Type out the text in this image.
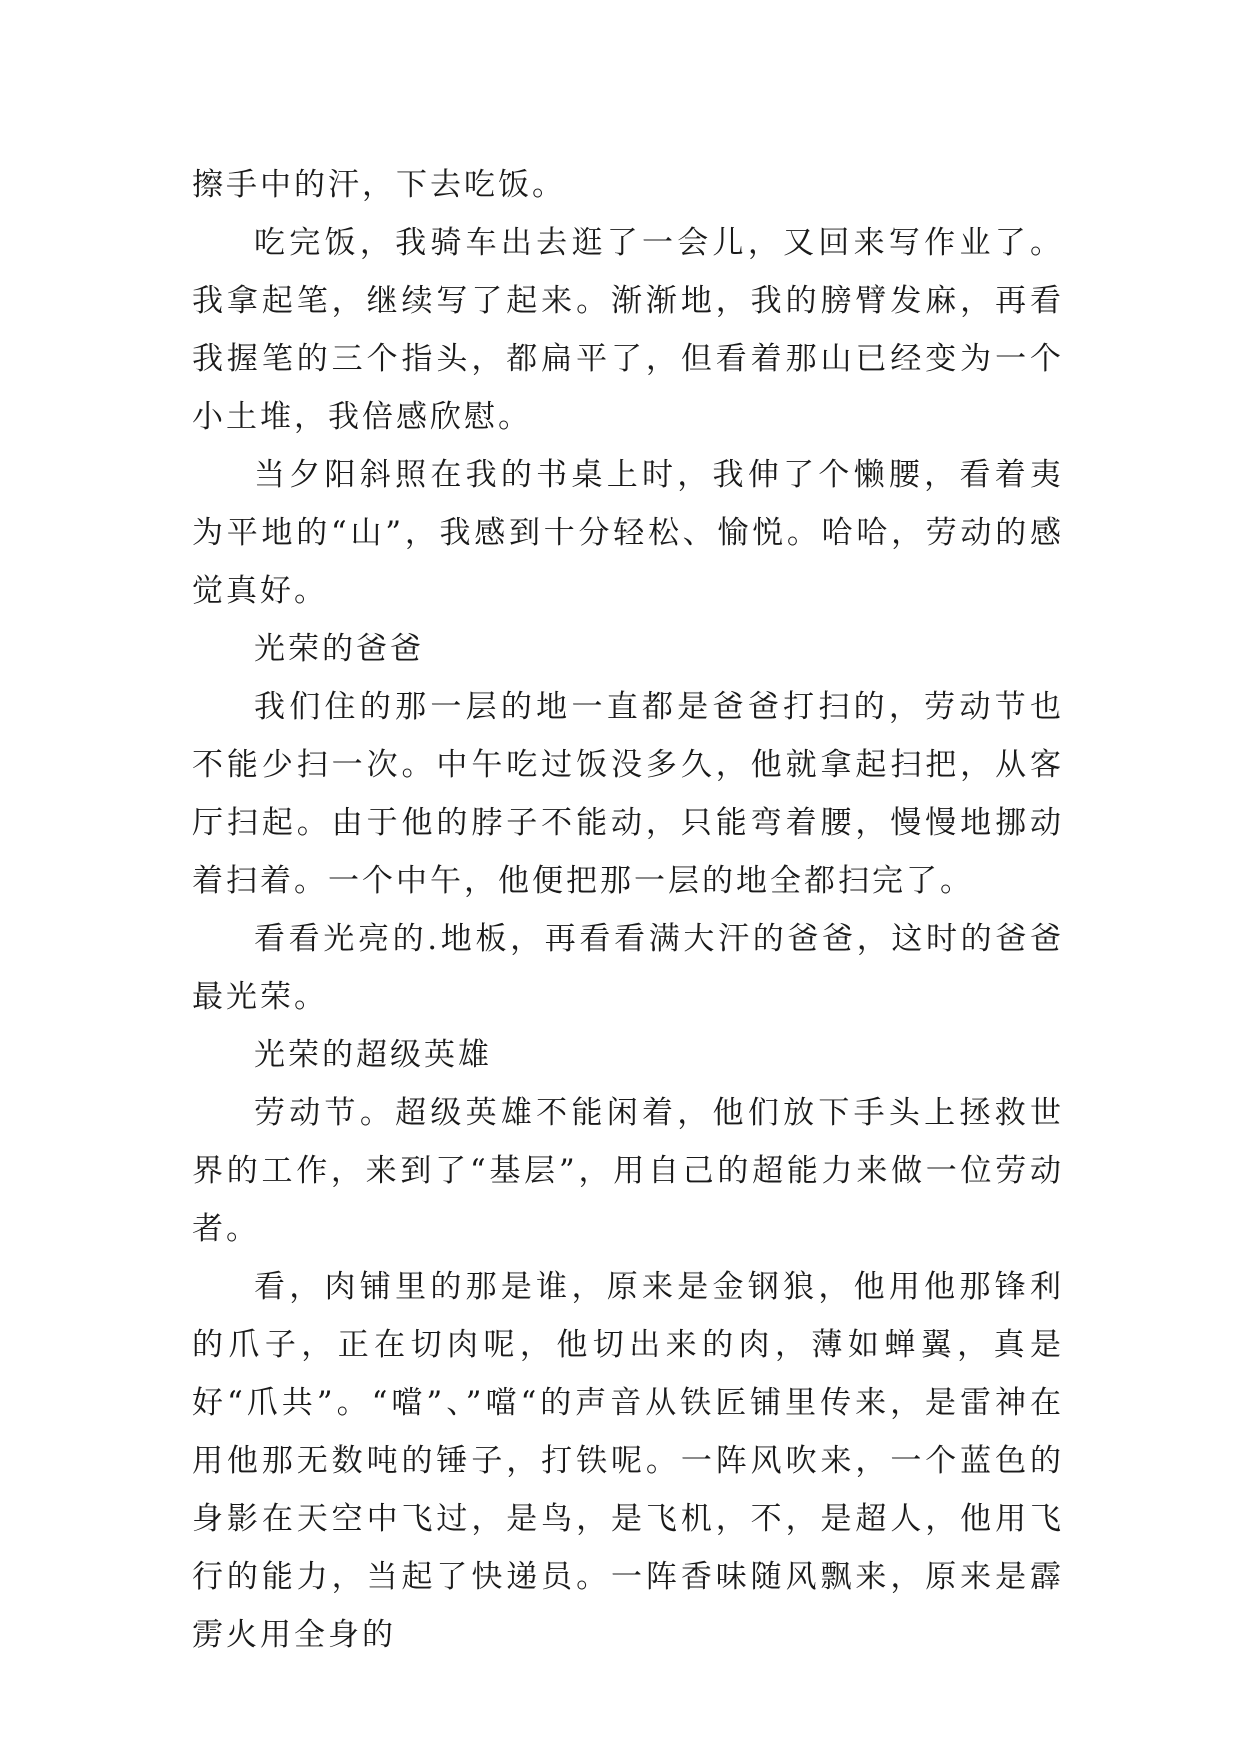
擦手中的汗，下去吃饭。

吃完饭，我骑车出去逛了一会儿，又回来写作业了。我拿起笔，继续写了起来。渐渐地，我的膀臂发麻，再看我握笔的三个指头，都扁平了，但看着那山已经变为一个小土堆，我倍感欣慰。

当夕阳斜照在我的书桌上时，我伸了个懒腰，看着夷为平地的“山”，我感到十分轻松、愉悦。哈哈，劳动的感觉真好。

光荣的爸爸

我们住的那一层的地一直都是爸爸打扫的，劳动节也不能少扫一次。中午吃过饭没多久，他就拿起扫把，从客厅扫起。由于他的脖子不能动，只能弯着腰，慢慢地挪动着扫着。一个中午，他便把那一层的地全都扫完了。

看看光亮的.地板，再看看满大汗的爸爸，这时的爸爸最光荣。

光荣的超级英雄

劳动节。超级英雄不能闲着，他们放下手头上拯救世界的工作，来到了“基层”，用自己的超能力来做一位劳动者。

看，肉铺里的那是谁，原来是金钢狼，他用他那锋利的爪子，正在切肉呢，他切出来的肉，薄如蝉翼，真是好“爪共”。“噹”、”噹“的声音从铁匠铺里传来，是雷神在用他那无数吨的锤子，打铁呢。一阵风吹来，一个蓝色的身影在天空中飞过，是鸟，是飞机，不，是超人，他用飞行的能力，当起了快递员。一阵香味随风飘来，原来是霹雳火用全身的
